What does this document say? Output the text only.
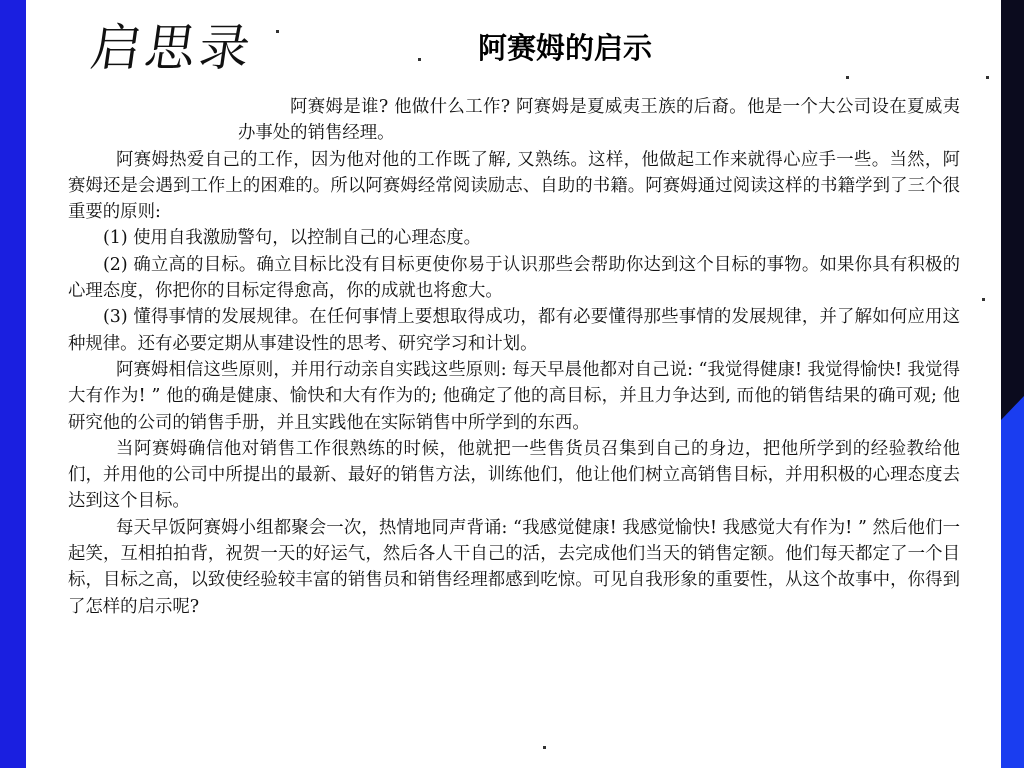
启思录	阿赛姆的启示

阿赛姆是谁? 他做什么工作? 阿赛姆是夏威夷王族的后裔。他是一个大公司设在夏威夷办事处的销售经理。

阿赛姆热爱自己的工作，因为他对他的工作既了解, 又熟练。这样，他做起工作来就得心应手一些。当然，阿赛姆还是会遇到工作上的困难的。所以阿赛姆经常阅读励志、自助的书籍。阿赛姆通过阅读这样的书籍学到了三个很重要的原则:

(1) 使用自我激励警句，以控制自己的心理态度。

(2) 确立高的目标。确立目标比没有目标更使你易于认识那些会帮助你达到这个目标的事物。如果你具有积极的心理态度，你把你的目标定得愈高，你的成就也将愈大。

(3) 懂得事情的发展规律。在任何事情上要想取得成功，都有必要懂得那些事情的发展规律，并了解如何应用这种规律。还有必要定期从事建设性的思考、研究学习和计划。

阿赛姆相信这些原则，并用行动亲自实践这些原则: 每天早晨他都对自己说: “我觉得健康! 我觉得愉快! 我觉得大有作为! ” 他的确是健康、愉快和大有作为的; 他确定了他的高目标，并且力争达到, 而他的销售结果的确可观; 他研究他的公司的销售手册，并且实践他在实际销售中所学到的东西。

当阿赛姆确信他对销售工作很熟练的时候，他就把一些售货员召集到自己的身边，把他所学到的经验教给他们，并用他的公司中所提出的最新、最好的销售方法，训练他们，他让他们树立高销售目标，并用积极的心理态度去达到这个目标。

每天早饭阿赛姆小组都聚会一次，热情地同声背诵: “我感觉健康! 我感觉愉快! 我感觉大有作为! ” 然后他们一起笑，互相拍拍背，祝贺一天的好运气，然后各人干自己的活，去完成他们当天的销售定额。他们每天都定了一个目标，目标之高，以致使经验较丰富的销售员和销售经理都感到吃惊。可见自我形象的重要性，从这个故事中，你得到了怎样的启示呢?
